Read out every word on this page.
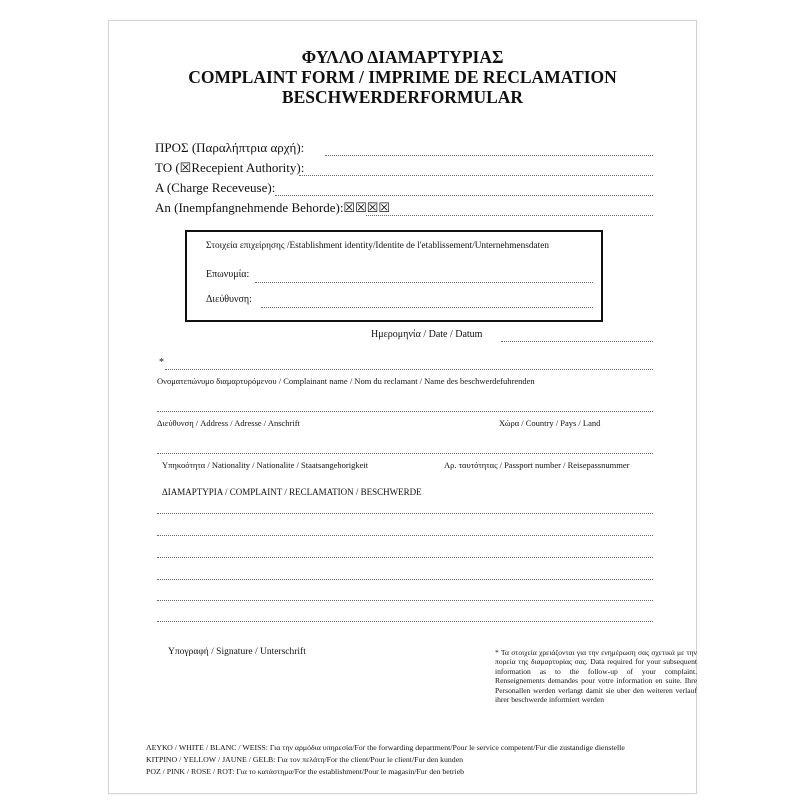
ΦΥΛΛΟ ΔΙΑΜΑΡΤΥΡΙΑΣ
COMPLAINT FORM / IMPRIME DE RECLAMATION
BESCHWERDERFORMULAR
ΠΡΟΣ (Παραλήπτρια αρχή):
TO (☒Recepient Authority):
A (Charge Receveuse):
An (Inempfangnehmende Behorde):☒☒☒☒
Στοιχεία επιχείρησης /Establishment identity/Identite de l'etablissement/Unternehmensdaten
Επωνυμία:
Διεύθυνση:
Ημερομηνία / Date / Datum
*
Ονοματεπώνυμο διαμαρτυρόμενου / Complainant name / Nom du reclamant / Name des beschwerdefuhrenden
Διεύθυνση / Address / Adresse / Anschrift	Χώρα / Country / Pays / Land
Υπηκοότητα / Nationality / Nationalite / Staatsangehorigkeit	Αρ. ταυτότητας / Passport number / Reisepassnummer
ΔΙΑΜΑΡΤΥΡΙΑ / COMPLAINT / RECLAMATION / BESCHWERDE
Υπογραφή / Signature / Unterschrift	* Τα στοιχεία χρειάζονται για την ενημέρωση σας σχετικά με την πορεία της διαμαρτυρίας σας. Data required for your subsequent information as to the follow-up of your complaint. Renseignements demandes pour votre information en suite. Ihre Personallen werden verlangt damit sie uber den weiteren verlauf ihrer beschwerde informiert werden
ΛΕΥΚΟ / WHITE / BLANC / WEISS: Για την αρμόδια υπηρεσία/For the forwarding department/Pour le service competent/Fur die zustandige dienstelle
ΚΙΤΡΙΝΟ / YELLOW / JAUNE / GELB: Για τον πελάτη/For the client/Pour le client/Fur den kunden
ΡΟΖ / PINK / ROSE / ROT: Για το κατάστημα/For the establishment/Pour le magasin/Fur den betrieb
